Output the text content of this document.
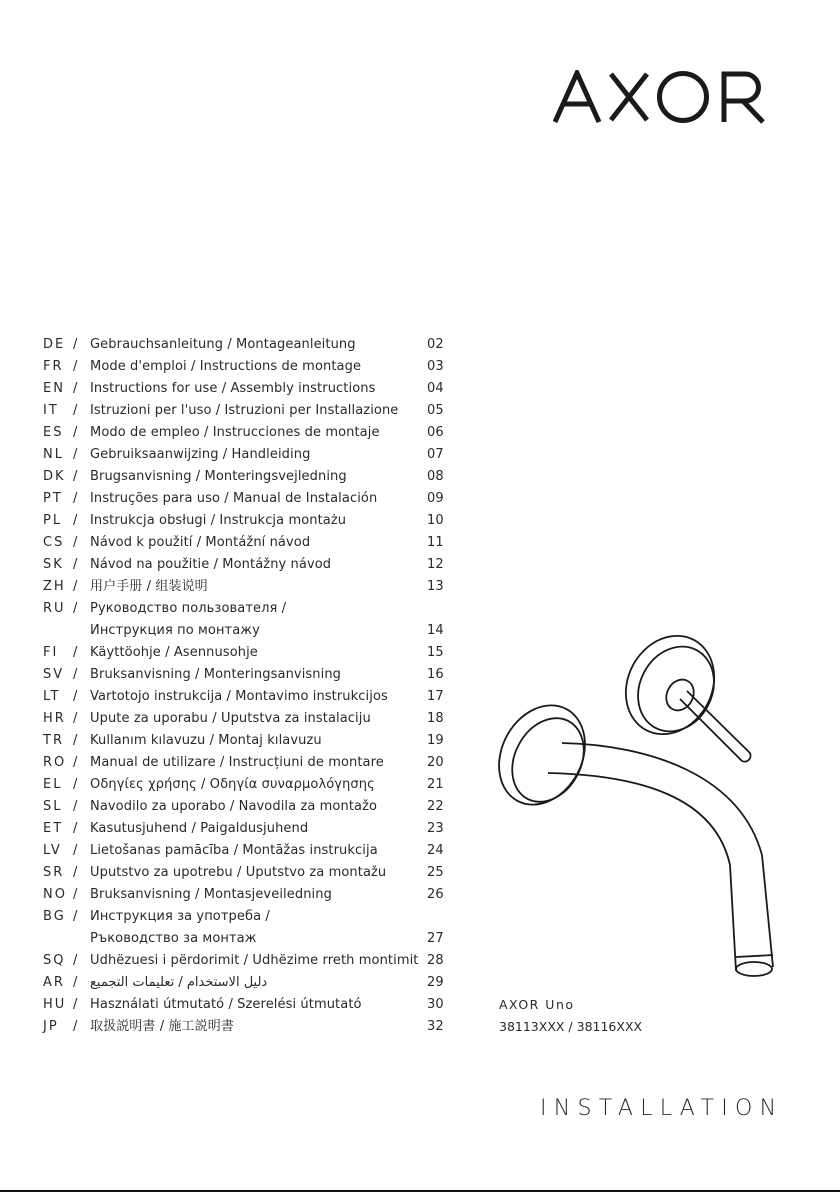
DE / Gebrauchsanleitung / Montageanleitung	02
FR / Mode d'emploi / Instructions de montage	03
EN / Instructions for use / Assembly instructions	04
IT	/ Istruzioni per l'uso / Istruzioni per Installazione 05
ES / Modo de empleo / Instrucciones de montaje	06
NL / Gebruiksaanwijzing / Handleiding	07
DK / Brugsanvisning / Monteringsvejledning	08
PT / Instruções para uso / Manual de Instalación	09
PL / Instrukcja obsługi / Instrukcja montażu	10
CS / Návod k použití / Montážní návod	11
SK / Návod na použitie / Montážny návod	12
ZH / 用户手册 / 组装说明	13
RU / Руководство пользователя /
Инструкция по монтажу	14
FI	/ Käyttöohje / Asennusohje	15
SV / Bruksanvisning / Monteringsanvisning	16
LT / Vartotojo instrukcija / Montavimo instrukcijos	17
HR / Upute za uporabu / Uputstva za instalaciju	18
TR / Kullanım kılavuzu / Montaj kılavuzu	19
RO / Manual de utilizare / Instrucțiuni de montare	20
EL / Οδηγίες χρήσης / Οδηγία συναρμολόγησης	21
SL / Navodilo za uporabo / Navodila za montažo	22
ET / Kasutusjuhend / Paigaldusjuhend	23
LV / Lietošanas pamācība / Montāžas instrukcija	24
SR / Uputstvo za upotrebu / Uputstvo za montažu	25
NO / Bruksanvisning / Montasjeveiledning	26
BG / Инструкция за употреба /
Ръководство за монтаж	27
SQ / Udhëzuesi i përdorimit / Udhëzime rreth montimit 28
AR / دليل الاستخدام / تعليمات التجميع	29
HU / Használati útmutató / Szerelési útmutató	30
JP	/ 取扱説明書 / 施工説明書	32
AXOR Uno
38113XXX / 38116XXX
INSTALLATION
